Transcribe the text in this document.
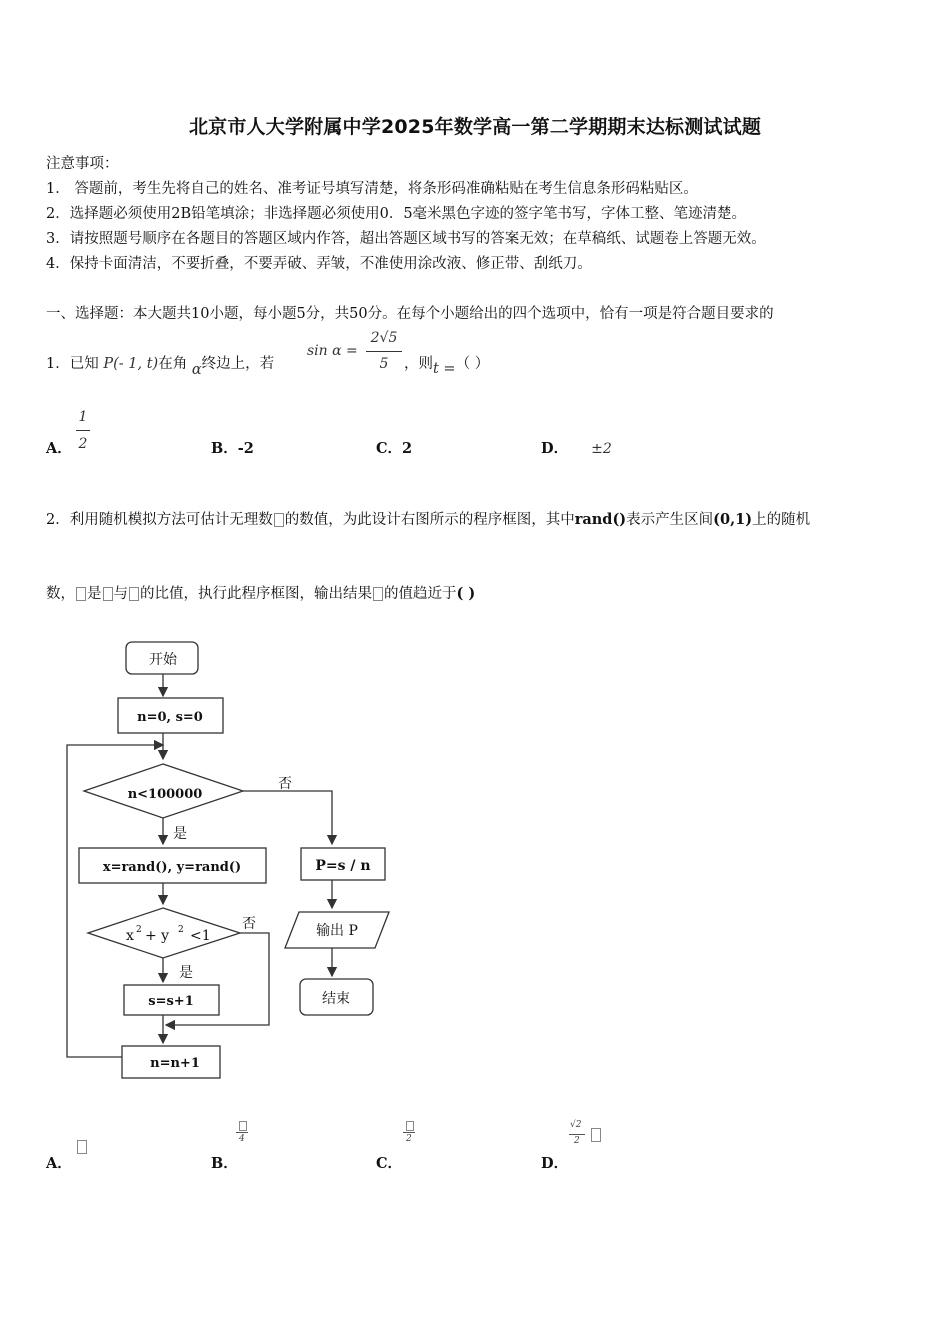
北京市人大学附属中学2025年数学高一第二学期期末达标测试试题
注意事项：
1． 答题前，考生先将自己的姓名、准考证号填写清楚，将条形码准确粘贴在考生信息条形码粘贴区。
2．选择题必须使用2B铅笔填涂；非选择题必须使用0．5毫米黑色字迹的签字笔书写，字体工整、笔迹清楚。
3．请按照题号顺序在各题目的答题区域内作答，超出答题区域书写的答案无效；在草稿纸、试题卷上答题无效。
4．保持卡面清洁，不要折叠，不要弄破、弄皱，不准使用涂改液、修正带、刮纸刀。
一、选择题：本大题共10小题，每小题5分，共50分。在每个小题给出的四个选项中，恰有一项是符合题目要求的
1．已知 P(- 1, t)在角 α终边上，若
sin α =
2√5
5	，则t =（ ）
A．
1
2	B．-2	C．2	D． ±2
2．利用随机模拟方法可估计无理数 的数值，为此设计右图所示的程序框图，其中rand()表示产生区间(0,1)上的随机
数， 是 与 的比值，执行此程序框图，输出结果 的值趋近于( )
开始
n=0, s=0
n<100000
否
是
x=rand(), y=rand()
x 2 + y 2 <1
否
是
s=s+1
n=n+1
P=s / n
输出 P
结束
A．	B．
4
C．
2
D．
√2
2
